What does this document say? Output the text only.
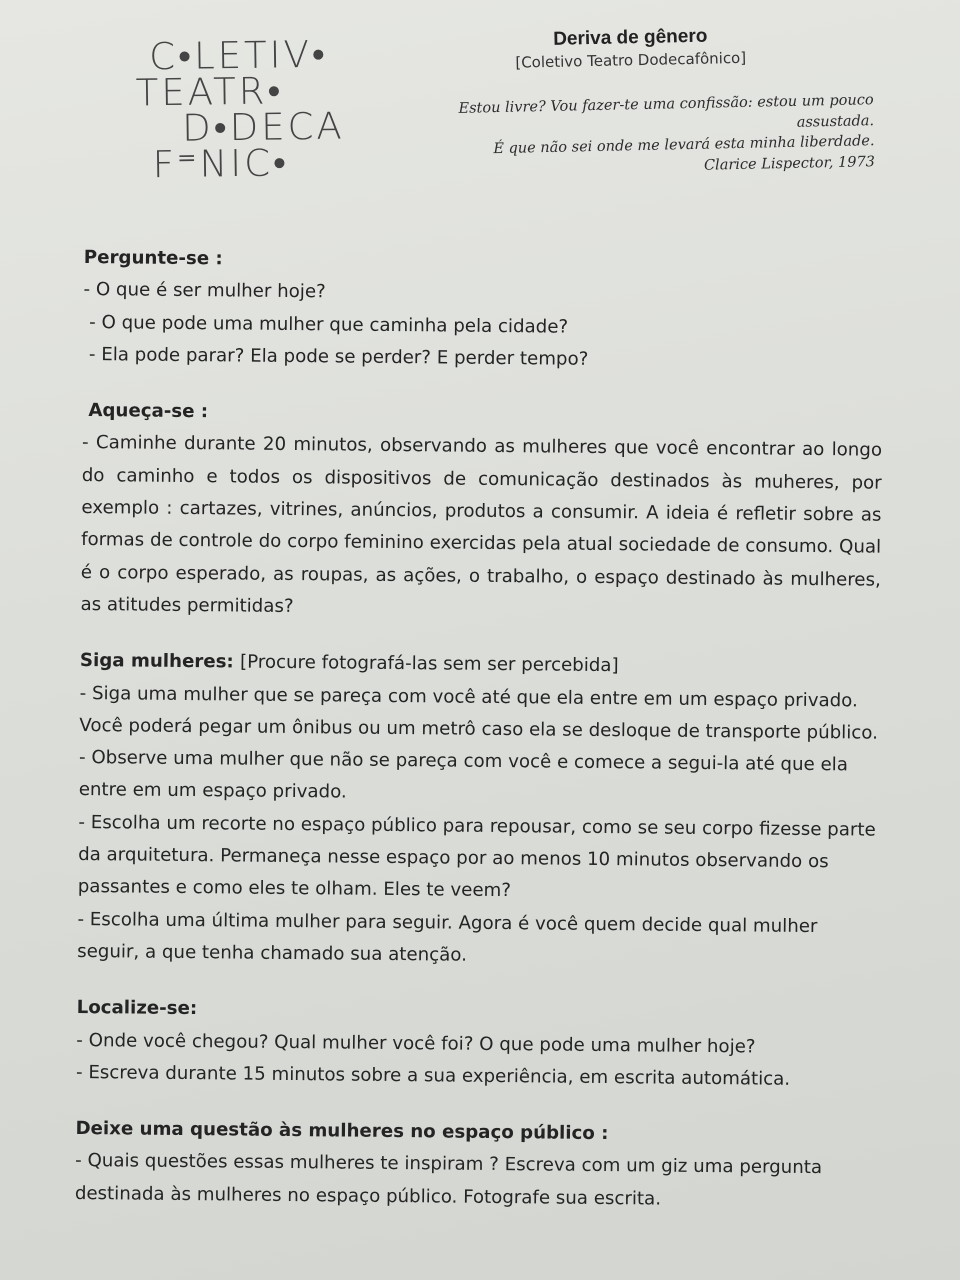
C•LETIV•
TEATR•
D•DECA
F⁼NIC•
Deriva de gênero
[Coletivo Teatro Dodecafônico]
Estou livre? Vou fazer-te uma confissão: estou um pouco
assustada.
É que não sei onde me levará esta minha liberdade.
Clarice Lispector, 1973
Pergunte-se :
- O que é ser mulher hoje?
- O que pode uma mulher que caminha pela cidade?
- Ela pode parar? Ela pode se perder? E perder tempo?
Aqueça-se :
- Caminhe durante 20 minutos, observando as mulheres que você encontrar ao longo do caminho e todos os dispositivos de comunicação destinados às muheres, por exemplo : cartazes, vitrines, anúncios, produtos a consumir. A ideia é refletir sobre as formas de controle do corpo feminino exercidas pela atual sociedade de consumo. Qual é o corpo esperado, as roupas, as ações, o trabalho, o espaço destinado às mulheres, as atitudes permitidas?
Siga mulheres: [Procure fotografá-las sem ser percebida]
- Siga uma mulher que se pareça com você até que ela entre em um espaço privado. Você poderá pegar um ônibus ou um metrô caso ela se desloque de transporte público.
- Observe uma mulher que não se pareça com você e comece a segui-la até que ela entre em um espaço privado.
- Escolha um recorte no espaço público para repousar, como se seu corpo fizesse parte da arquitetura. Permaneça nesse espaço por ao menos 10 minutos observando os passantes e como eles te olham. Eles te veem?
- Escolha uma última mulher para seguir. Agora é você quem decide qual mulher seguir, a que tenha chamado sua atenção.
Localize-se:
- Onde você chegou? Qual mulher você foi? O que pode uma mulher hoje?
- Escreva durante 15 minutos sobre a sua experiência, em escrita automática.
Deixe uma questão às mulheres no espaço público :
- Quais questões essas mulheres te inspiram ? Escreva com um giz uma pergunta destinada às mulheres no espaço público. Fotografe sua escrita.
